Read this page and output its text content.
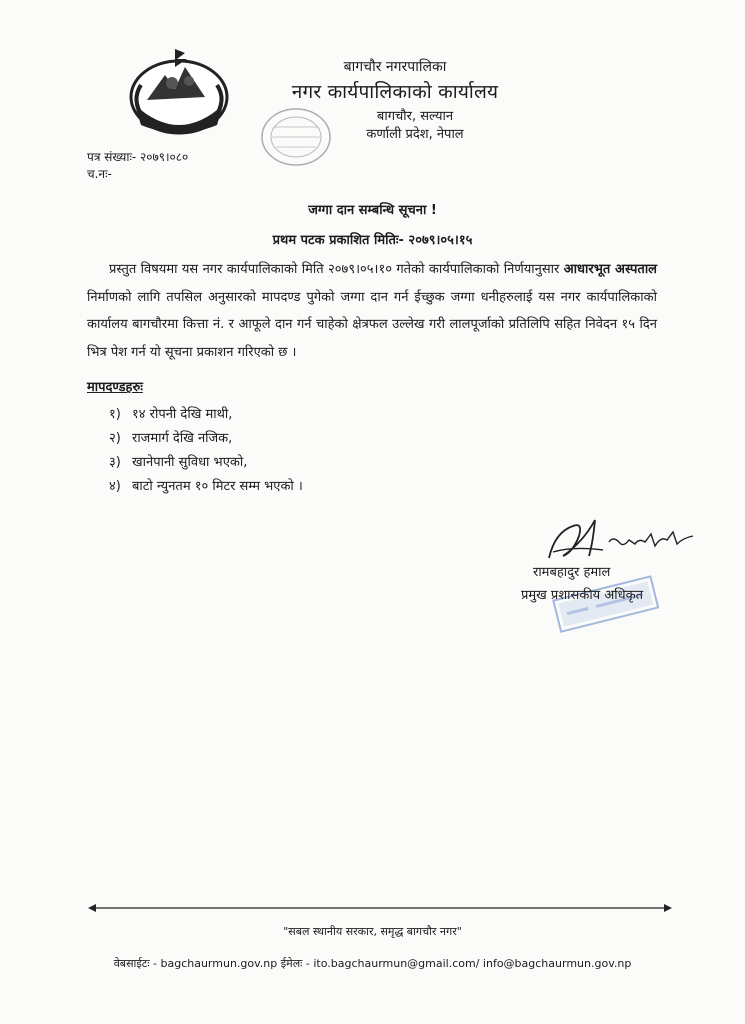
बागचौर नगरपालिका
नगर कार्यपालिकाको कार्यालय
बागचौर, सल्यान
कर्णाली प्रदेश, नेपाल
पत्र संख्याः- २०७९।०८०
च.नः-
जग्गा दान सम्बन्धि सूचना !
प्रथम पटक प्रकाशित मितिः- २०७९।०५।१५

प्रस्तुत विषयमा यस नगर कार्यपालिकाको मिति २०७९।०५।१० गतेको कार्यपालिकाको निर्णयानुसार आधारभूत अस्पताल निर्माणको लागि तपसिल अनुसारको मापदण्ड पुगेको जग्गा दान गर्न ईच्छुक जग्गा धनीहरुलाई यस नगर कार्यपालिकाको कार्यालय बागचौरमा कित्ता नं. र आफूले दान गर्न चाहेको क्षेत्रफल उल्लेख गरी लालपूर्जाको प्रतिलिपि सहित निवेदन १५ दिन भित्र पेश गर्न यो सूचना प्रकाशन गरिएको छ ।

मापदण्डहरुः
१) १४ रोपनी देखि माथी,
२) राजमार्ग देखि नजिक,
३) खानेपानी सुविधा भएको,
४) बाटो न्युनतम १० मिटर सम्म भएको ।
रामबहादुर हमाल
प्रमुख प्रशासकीय अधिकृत
"सबल स्थानीय सरकार, समृद्ध बागचौर नगर"
वेबसाईटः - bagchaurmun.gov.np ईमेलः - ito.bagchaurmun@gmail.com/ info@bagchaurmun.gov.np
